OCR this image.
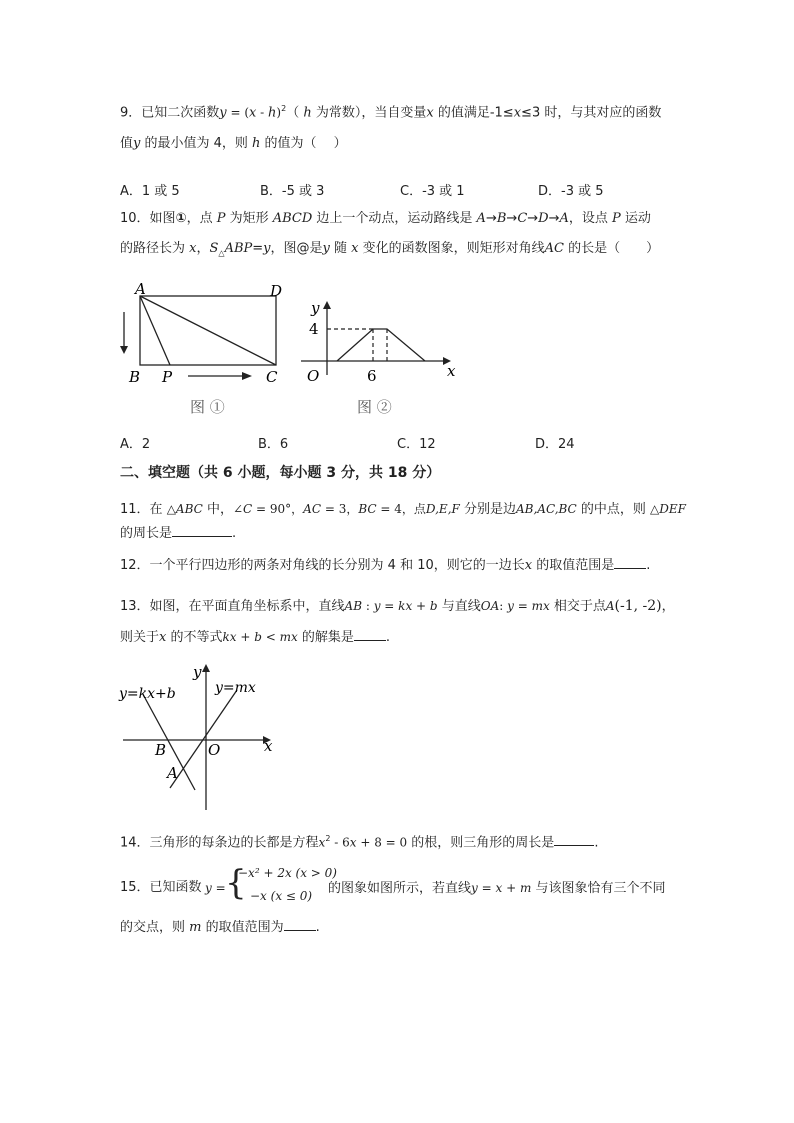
9．已知二次函数y = (x - h)$^2$（ h 为常数），当自变量x 的值满足-1≤x≤3 时，与其对应的函数
值y 的最小值为 4，则 h 的值为（　 ）
A．1 或 5	B．-5 或 3	C．-3 或 1	D．-3 或 5
10．如图①，点 P 为矩形 ABCD 边上一个动点，运动路线是 A→B→C→D→A，设点 P 运动
的路径长为 x，$S_\triangle ABP=y$，图@是y 随 x 变化的函数图象，则矩形对角线AC 的长是（　　）
A	D
B P	C
图 ①
y
4
O	6	x
图 ②
A．2	B．6	C．12	D．24
二、填空题（共 6 小题，每小题 3 分，共 18 分）
11．在 △ABC 中，∠C = 90°，AC = 3，BC = 4，点D,E,F 分别是边AB,AC,BC 的中点，则 △DEF
的周长是	.
12．一个平行四边形的两条对角线的长分别为 4 和 10，则它的一边长x 的取值范围是 .
13．如图，在平面直角坐标系中，直线AB : y = kx + b 与直线OA: y = mx 相交于点A(-1, -2)，
则关于x 的不等式kx + b < mx 的解集是 .
y
y=kx+b	y=mx
B	O	x
A
14．三角形的每条边的长都是方程$x^2 - 6x + 8 = 0$ 的根，则三角形的周长是	.
15．已知函数 y = {
−x² + 2x (x > 0)
−x (x ≤ 0) 的图象如图所示，若直线y = x + m 与该图象恰有三个不同
的交点，则 m 的取值范围为 .
